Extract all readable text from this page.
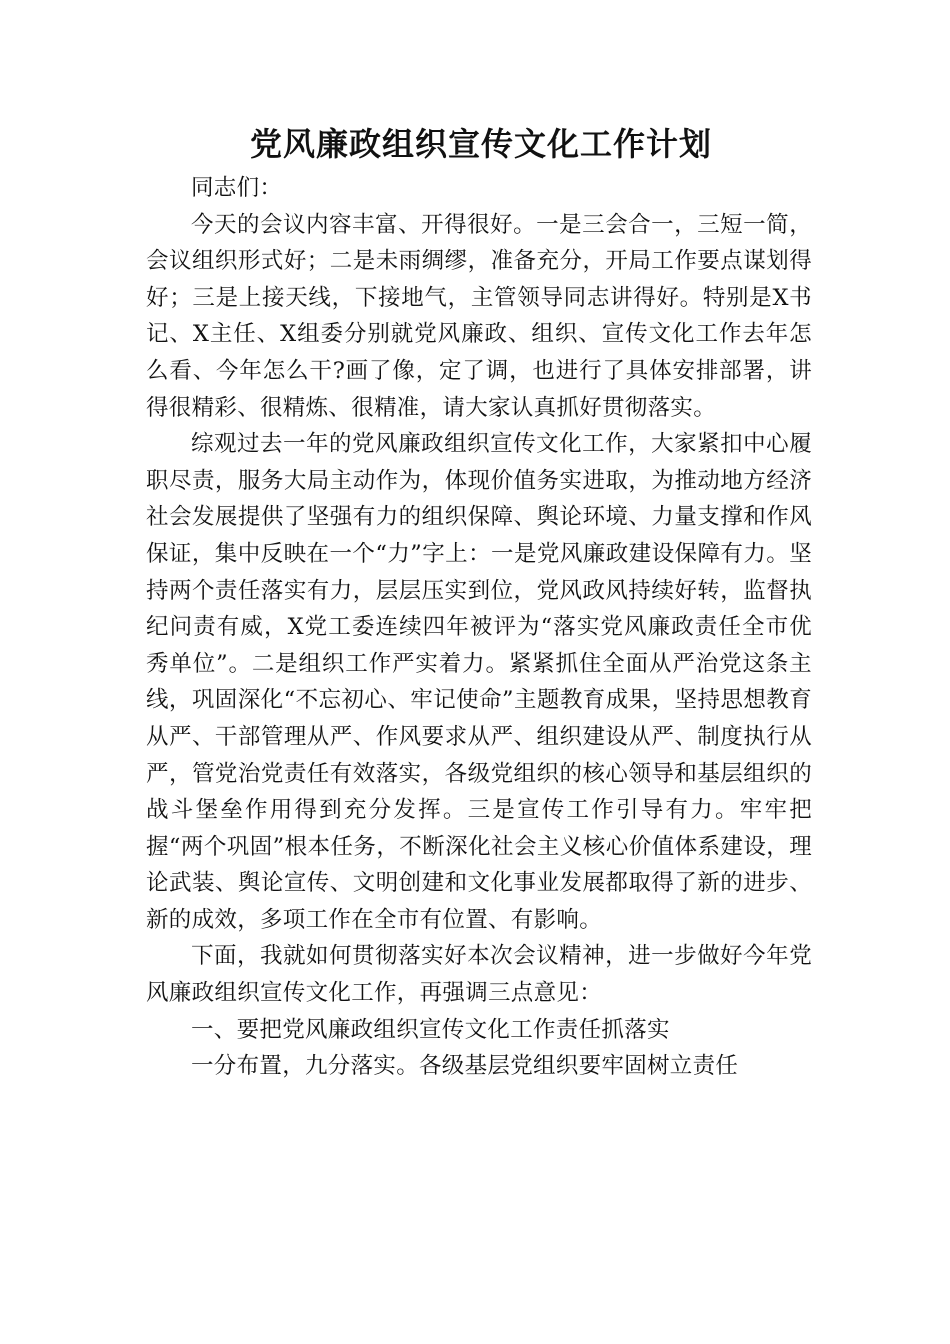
党风廉政组织宣传文化工作计划

同志们：

今天的会议内容丰富、开得很好。一是三会合一，三短一简，会议组织形式好；二是未雨绸缪，准备充分，开局工作要点谋划得好；三是上接天线，下接地气，主管领导同志讲得好。特别是X书记、X主任、X组委分别就党风廉政、组织、宣传文化工作去年怎么看、今年怎么干?画了像，定了调，也进行了具体安排部署，讲得很精彩、很精炼、很精准，请大家认真抓好贯彻落实。

综观过去一年的党风廉政组织宣传文化工作，大家紧扣中心履职尽责，服务大局主动作为，体现价值务实进取，为推动地方经济社会发展提供了坚强有力的组织保障、舆论环境、力量支撑和作风保证，集中反映在一个“力”字上：一是党风廉政建设保障有力。坚持两个责任落实有力，层层压实到位，党风政风持续好转，监督执纪问责有威，X党工委连续四年被评为“落实党风廉政责任全市优秀单位”。二是组织工作严实着力。紧紧抓住全面从严治党这条主线，巩固深化“不忘初心、牢记使命”主题教育成果，坚持思想教育从严、干部管理从严、作风要求从严、组织建设从严、制度执行从严，管党治党责任有效落实，各级党组织的核心领导和基层组织的战斗堡垒作用得到充分发挥。三是宣传工作引导有力。牢牢把握“两个巩固”根本任务，不断深化社会主义核心价值体系建设，理论武装、舆论宣传、文明创建和文化事业发展都取得了新的进步、新的成效，多项工作在全市有位置、有影响。

下面，我就如何贯彻落实好本次会议精神，进一步做好今年党风廉政组织宣传文化工作，再强调三点意见：

一、要把党风廉政组织宣传文化工作责任抓落实

一分布置，九分落实。各级基层党组织要牢固树立责任
